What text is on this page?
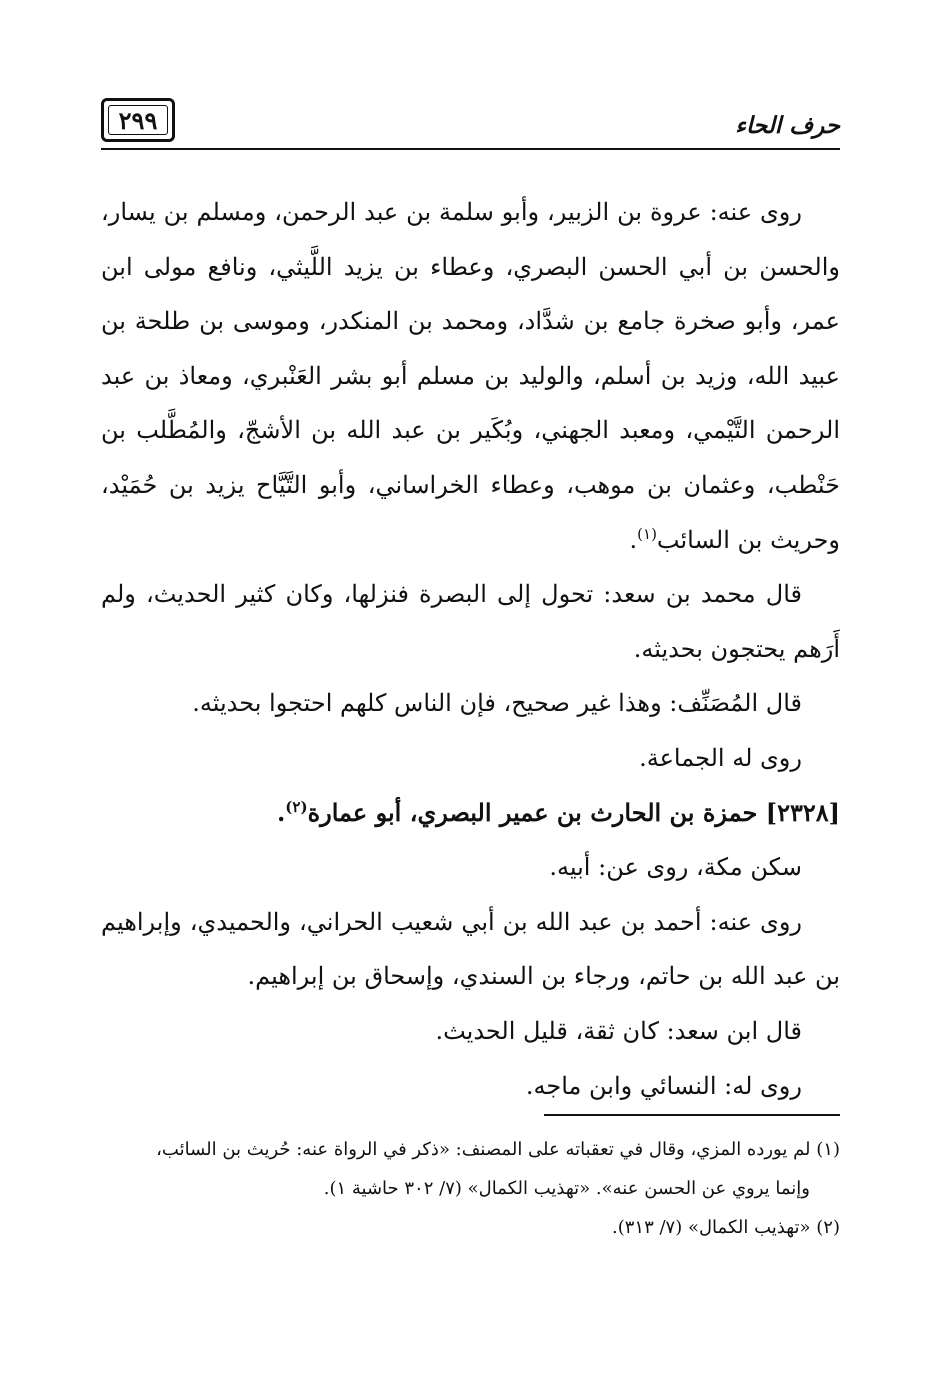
٢٩٩	حرف الحاء

روى عنه: عروة بن الزبير، وأبو سلمة بن عبد الرحمن، ومسلم بن يسار، والحسن بن أبي الحسن البصري، وعطاء بن يزيد اللَّيثي، ونافع مولى ابن عمر، وأبو صخرة جامع بن شدَّاد، ومحمد بن المنكدر، وموسى بن طلحة بن عبيد الله، وزيد بن أسلم، والوليد بن مسلم أبو بشر العَنْبري، ومعاذ بن عبد الرحمن التَّيْمي، ومعبد الجهني، وبُكَير بن عبد الله بن الأشجّ، والمُطَّلب بن حَنْطب، وعثمان بن موهب، وعطاء الخراساني، وأبو التَّيَّاح يزيد بن حُمَيْد، وحريث بن السائب$^{(١)}$.

قال محمد بن سعد: تحول إلى البصرة فنزلها، وكان كثير الحديث، ولم أَرَهم يحتجون بحديثه.

قال المُصَنِّف: وهذا غير صحيح، فإن الناس كلهم احتجوا بحديثه.

روى له الجماعة.

[٢٣٢٨] حمزة بن الحارث بن عمير البصري، أبو عمارة$^{(٢)}$.

سكن مكة، روى عن: أبيه.

روى عنه: أحمد بن عبد الله بن أبي شعيب الحراني، والحميدي، وإبراهيم بن عبد الله بن حاتم، ورجاء بن السندي، وإسحاق بن إبراهيم.

قال ابن سعد: كان ثقة، قليل الحديث.

روى له: النسائي وابن ماجه.

(١) لم يورده المزي، وقال في تعقباته على المصنف: «ذكر في الرواة عنه: حُريث بن السائب،

وإنما يروي عن الحسن عنه». «تهذيب الكمال» (٧/ ٣٠٢ حاشية ١).

(٢) «تهذيب الكمال» (٧/ ٣١٣).
